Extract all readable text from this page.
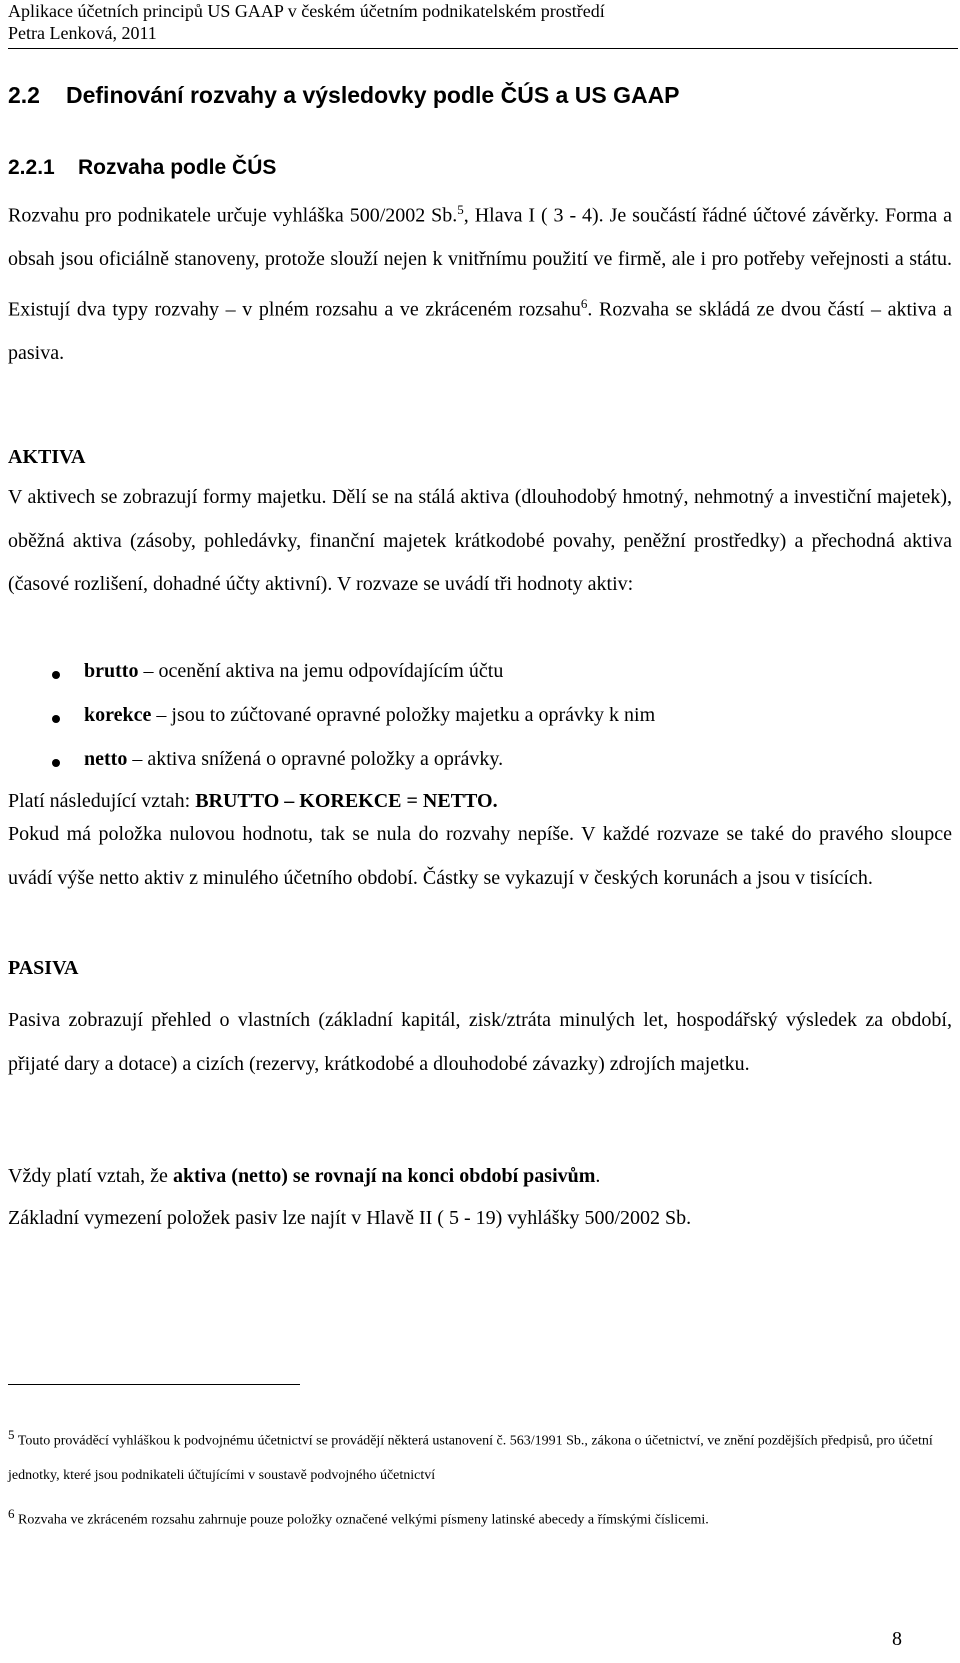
Aplikace účetních principů US GAAP v českém účetním podnikatelském prostředí
Petra Lenková, 2011
2.2 Definování rozvahy a výsledovky podle ČÚS a US GAAP
2.2.1 Rozvaha podle ČÚS
Rozvahu pro podnikatele určuje vyhláška 500/2002 Sb.$^5$, Hlava I ( 3 - 4). Je součástí řádné účtové závěrky. Forma a obsah jsou oficiálně stanoveny, protože slouží nejen k vnitřnímu použití ve firmě, ale i pro potřeby veřejnosti a státu. Existují dva typy rozvahy – v plném rozsahu a ve zkráceném rozsahu$^6$. Rozvaha se skládá ze dvou částí – aktiva a pasiva.
AKTIVA
V aktivech se zobrazují formy majetku. Dělí se na stálá aktiva (dlouhodobý hmotný, nehmotný a investiční majetek), oběžná aktiva (zásoby, pohledávky, finanční majetek krátkodobé povahy, peněžní prostředky) a přechodná aktiva (časové rozlišení, dohadné účty aktivní). V rozvaze se uvádí tři hodnoty aktiv:
brutto – ocenění aktiva na jemu odpovídajícím účtu
korekce – jsou to zúčtované opravné položky majetku a oprávky k nim
netto – aktiva snížená o opravné položky a oprávky.
Platí následující vztah: BRUTTO – KOREKCE = NETTO.
Pokud má položka nulovou hodnotu, tak se nula do rozvahy nepíše. V každé rozvaze se také do pravého sloupce uvádí výše netto aktiv z minulého účetního období. Částky se vykazují v českých korunách a jsou v tisících.
PASIVA
Pasiva zobrazují přehled o vlastních (základní kapitál, zisk/ztráta minulých let, hospodářský výsledek za období, přijaté dary a dotace) a cizích (rezervy, krátkodobé a dlouhodobé závazky) zdrojích majetku.
Vždy platí vztah, že aktiva (netto) se rovnají na konci období pasivům.
Základní vymezení položek pasiv lze najít v Hlavě II ( 5 - 19) vyhlášky 500/2002 Sb.
$^5$ Touto prováděcí vyhláškou k podvojnému účetnictví se provádějí některá ustanovení č. 563/1991 Sb., zákona o účetnictví, ve znění pozdějších předpisů, pro účetní jednotky, které jsou podnikateli účtujícími v soustavě podvojného účetnictví
$^6$ Rozvaha ve zkráceném rozsahu zahrnuje pouze položky označené velkými písmeny latinské abecedy a římskými číslicemi.
8
